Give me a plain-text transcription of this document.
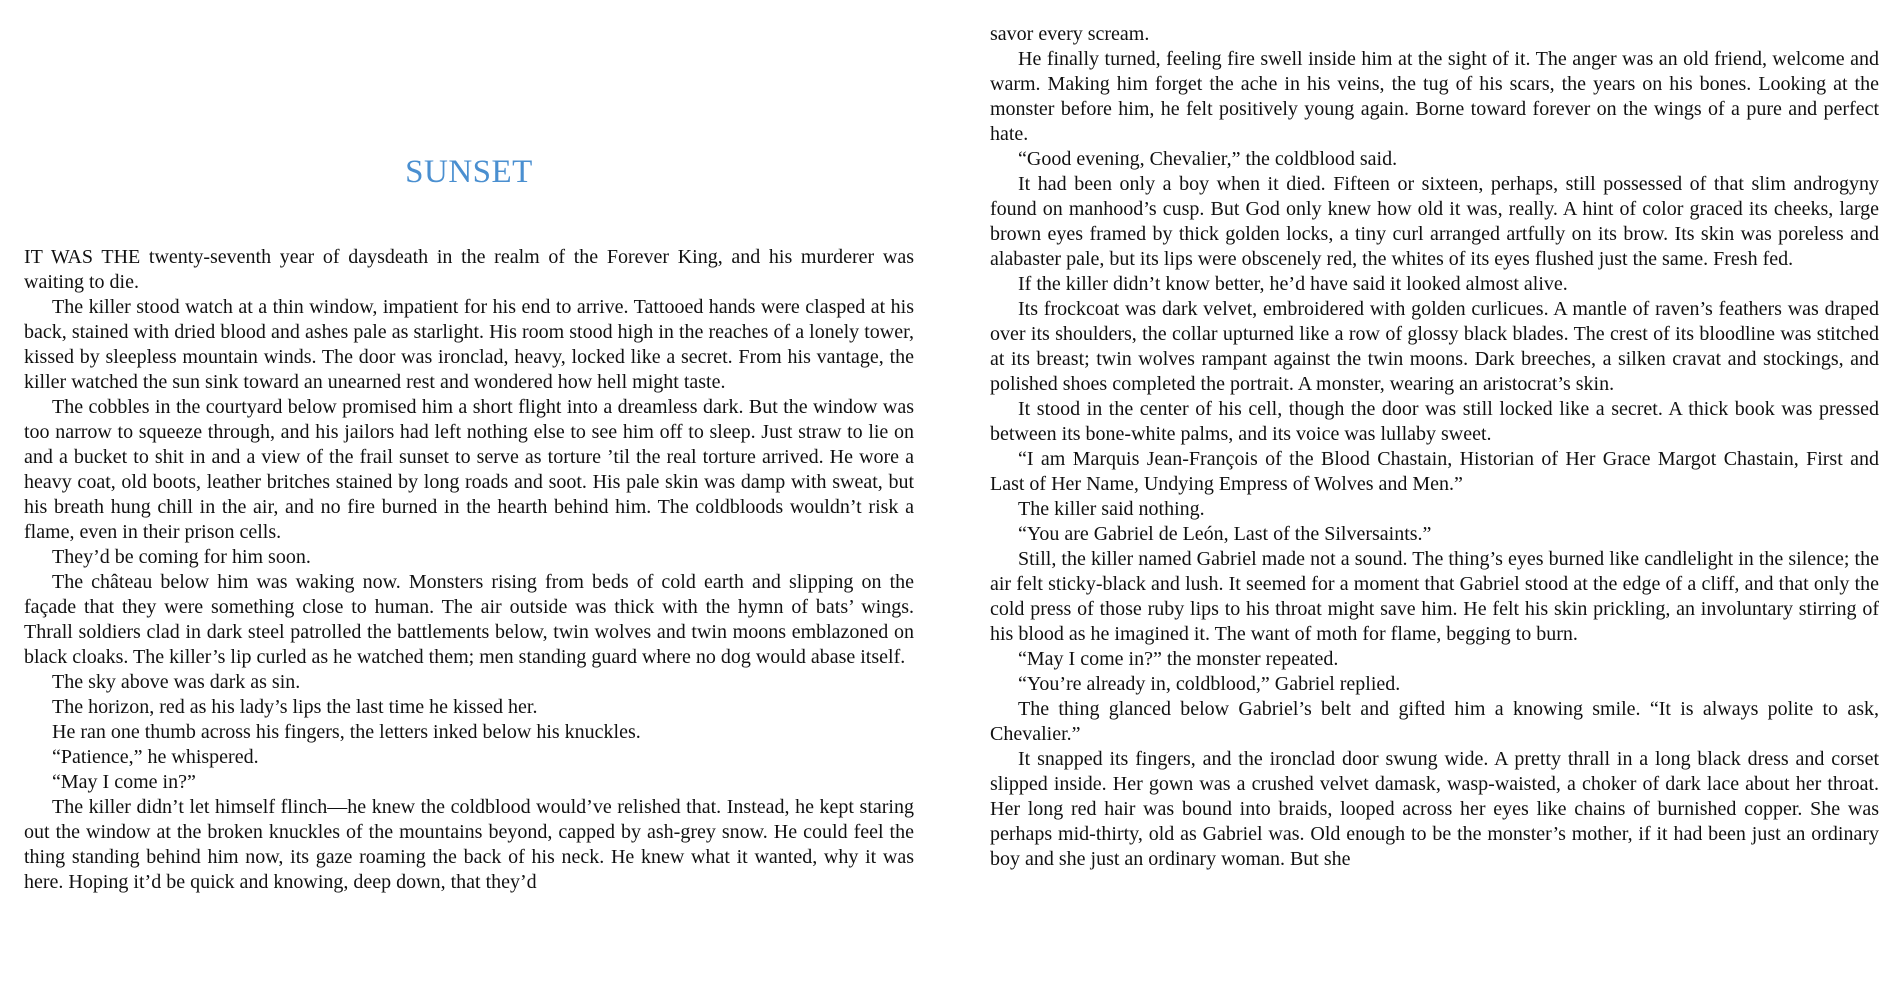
SUNSET

IT WAS THE twenty-seventh year of daysdeath in the realm of the Forever King, and his murderer was waiting to die.

The killer stood watch at a thin window, impatient for his end to arrive. Tattooed hands were clasped at his back, stained with dried blood and ashes pale as starlight. His room stood high in the reaches of a lonely tower, kissed by sleepless mountain winds. The door was ironclad, heavy, locked like a secret. From his vantage, the killer watched the sun sink toward an unearned rest and wondered how hell might taste.

The cobbles in the courtyard below promised him a short flight into a dreamless dark. But the window was too narrow to squeeze through, and his jailors had left nothing else to see him off to sleep. Just straw to lie on and a bucket to shit in and a view of the frail sunset to serve as torture ’til the real torture arrived. He wore a heavy coat, old boots, leather britches stained by long roads and soot. His pale skin was damp with sweat, but his breath hung chill in the air, and no fire burned in the hearth behind him. The coldbloods wouldn’t risk a flame, even in their prison cells.

They’d be coming for him soon.

The château below him was waking now. Monsters rising from beds of cold earth and slipping on the façade that they were something close to human. The air outside was thick with the hymn of bats’ wings. Thrall soldiers clad in dark steel patrolled the battlements below, twin wolves and twin moons emblazoned on black cloaks. The killer’s lip curled as he watched them; men standing guard where no dog would abase itself.

The sky above was dark as sin.

The horizon, red as his lady’s lips the last time he kissed her.

He ran one thumb across his fingers, the letters inked below his knuckles.

“Patience,” he whispered.

“May I come in?”

The killer didn’t let himself flinch—he knew the coldblood would’ve relished that. Instead, he kept staring out the window at the broken knuckles of the mountains beyond, capped by ash-grey snow. He could feel the thing standing behind him now, its gaze roaming the back of his neck. He knew what it wanted, why it was here. Hoping it’d be quick and knowing, deep down, that they’d

savor every scream.

He finally turned, feeling fire swell inside him at the sight of it. The anger was an old friend, welcome and warm. Making him forget the ache in his veins, the tug of his scars, the years on his bones. Looking at the monster before him, he felt positively young again. Borne toward forever on the wings of a pure and perfect hate.

“Good evening, Chevalier,” the coldblood said.

It had been only a boy when it died. Fifteen or sixteen, perhaps, still possessed of that slim androgyny found on manhood’s cusp. But God only knew how old it was, really. A hint of color graced its cheeks, large brown eyes framed by thick golden locks, a tiny curl arranged artfully on its brow. Its skin was poreless and alabaster pale, but its lips were obscenely red, the whites of its eyes flushed just the same. Fresh fed.

If the killer didn’t know better, he’d have said it looked almost alive.

Its frockcoat was dark velvet, embroidered with golden curlicues. A mantle of raven’s feathers was draped over its shoulders, the collar upturned like a row of glossy black blades. The crest of its bloodline was stitched at its breast; twin wolves rampant against the twin moons. Dark breeches, a silken cravat and stockings, and polished shoes completed the portrait. A monster, wearing an aristocrat’s skin.

It stood in the center of his cell, though the door was still locked like a secret. A thick book was pressed between its bone-white palms, and its voice was lullaby sweet.

“I am Marquis Jean-François of the Blood Chastain, Historian of Her Grace Margot Chastain, First and Last of Her Name, Undying Empress of Wolves and Men.”

The killer said nothing.

“You are Gabriel de León, Last of the Silversaints.”

Still, the killer named Gabriel made not a sound. The thing’s eyes burned like candlelight in the silence; the air felt sticky-black and lush. It seemed for a moment that Gabriel stood at the edge of a cliff, and that only the cold press of those ruby lips to his throat might save him. He felt his skin prickling, an involuntary stirring of his blood as he imagined it. The want of moth for flame, begging to burn.

“May I come in?” the monster repeated.

“You’re already in, coldblood,” Gabriel replied.

The thing glanced below Gabriel’s belt and gifted him a knowing smile. “It is always polite to ask, Chevalier.”

It snapped its fingers, and the ironclad door swung wide. A pretty thrall in a long black dress and corset slipped inside. Her gown was a crushed velvet damask, wasp-waisted, a choker of dark lace about her throat. Her long red hair was bound into braids, looped across her eyes like chains of burnished copper. She was perhaps mid-thirty, old as Gabriel was. Old enough to be the monster’s mother, if it had been just an ordinary boy and she just an ordinary woman. But she
